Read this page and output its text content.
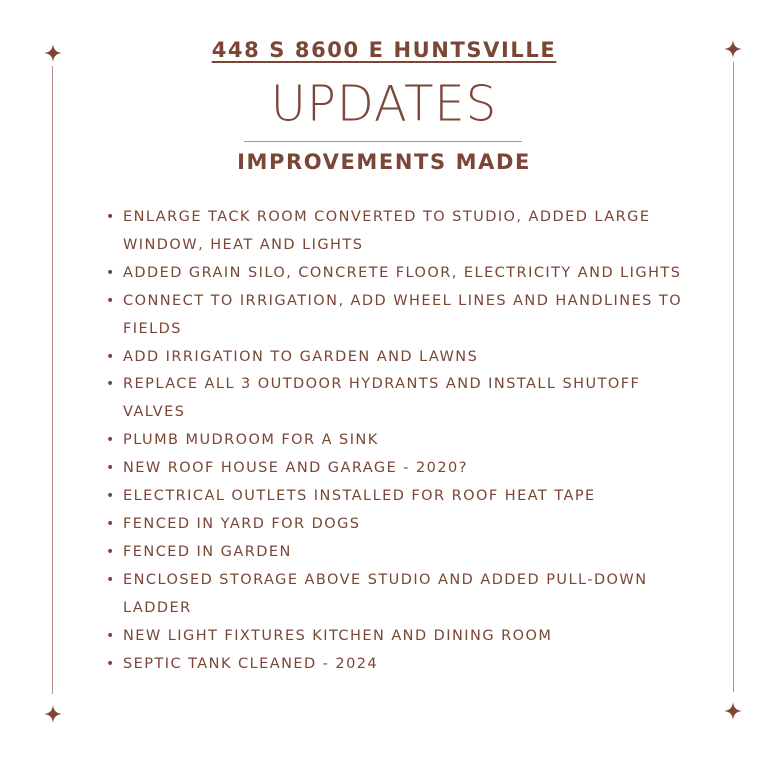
448 S 8600 E HUNTSVILLE
UPDATES
IMPROVEMENTS MADE
• ENLARGE TACK ROOM CONVERTED TO STUDIO, ADDED LARGE WINDOW, HEAT AND LIGHTS
• ADDED GRAIN SILO, CONCRETE FLOOR, ELECTRICITY AND LIGHTS
• CONNECT TO IRRIGATION, ADD WHEEL LINES AND HANDLINES TO FIELDS
• ADD IRRIGATION TO GARDEN AND LAWNS
• REPLACE ALL 3 OUTDOOR HYDRANTS AND INSTALL SHUTOFF VALVES
• PLUMB MUDROOM FOR A SINK
• NEW ROOF HOUSE AND GARAGE - 2020?
• ELECTRICAL OUTLETS INSTALLED FOR ROOF HEAT TAPE
• FENCED IN YARD FOR DOGS
• FENCED IN GARDEN
• ENCLOSED STORAGE ABOVE STUDIO AND ADDED PULL-DOWN LADDER
• NEW LIGHT FIXTURES KITCHEN AND DINING ROOM
• SEPTIC TANK CLEANED - 2024
